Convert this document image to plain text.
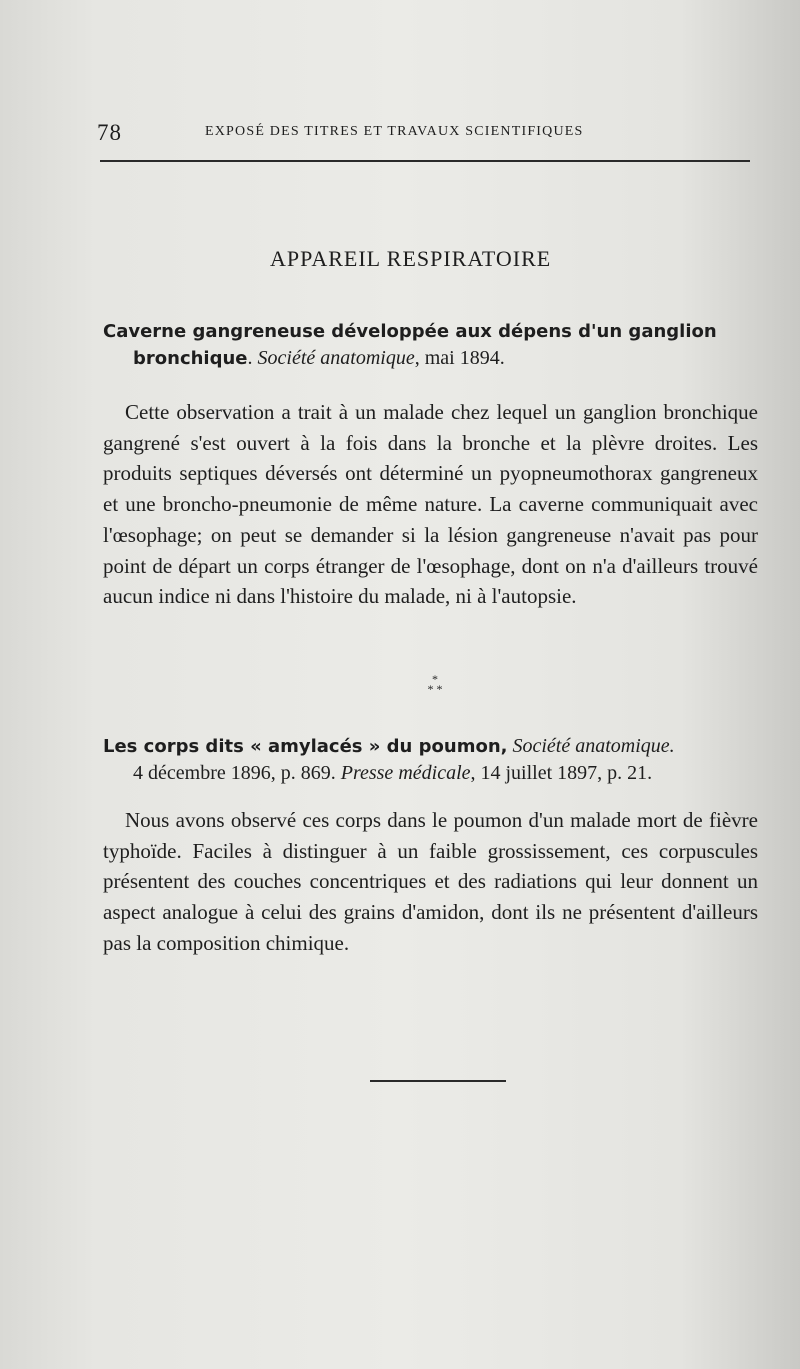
78	EXPOSÉ DES TITRES ET TRAVAUX SCIENTIFIQUES
APPAREIL RESPIRATOIRE
Caverne gangreneuse développée aux dépens d'un ganglion
bronchique. Société anatomique, mai 1894.
Cette observation a trait à un malade chez lequel un ganglion bronchique gangrené s'est ouvert à la fois dans la bronche et la plèvre droites. Les produits septiques déversés ont déterminé un pyopneumothorax gangreneux et une broncho-pneumonie de même nature. La caverne communiquait avec l'œsophage; on peut se demander si la lésion gangreneuse n'avait pas pour point de départ un corps étranger de l'œsophage, dont on n'a d'ailleurs trouvé aucun indice ni dans l'histoire du malade, ni à l'autopsie.
*
* *
Les corps dits « amylacés » du poumon, Société anatomique.
4 décembre 1896, p. 869. Presse médicale, 14 juillet 1897, p. 21.
Nous avons observé ces corps dans le poumon d'un malade mort de fièvre typhoïde. Faciles à distinguer à un faible grossissement, ces corpuscules présentent des couches concentriques et des radiations qui leur donnent un aspect analogue à celui des grains d'amidon, dont ils ne présentent d'ailleurs pas la composition chimique.
